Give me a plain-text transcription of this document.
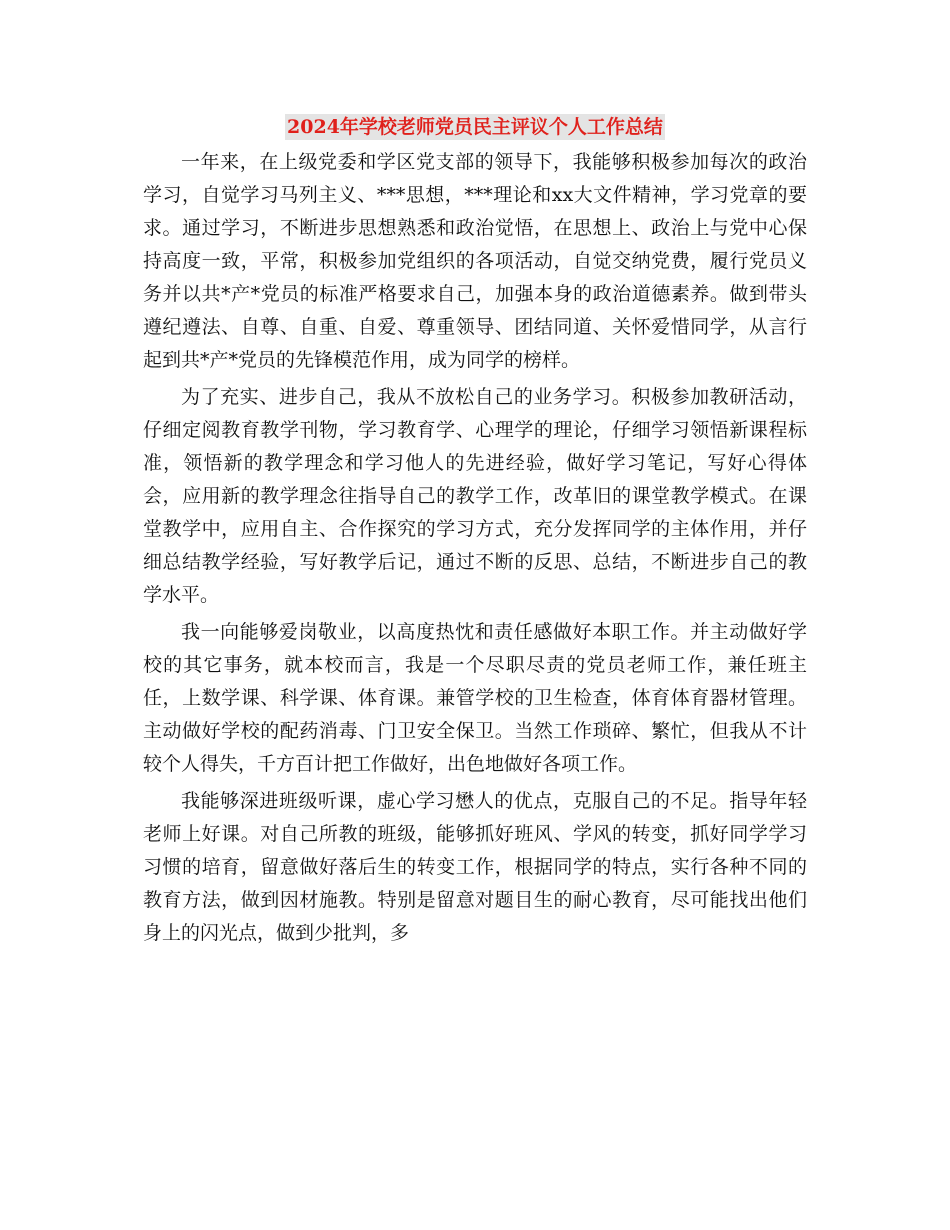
2024年学校老师党员民主评议个人工作总结

一年来，在上级党委和学区党支部的领导下，我能够积极参加每次的政治学习，自觉学习马列主义、***思想，***理论和xx大文件精神，学习党章的要求。通过学习，不断进步思想熟悉和政治觉悟，在思想上、政治上与党中心保持高度一致，平常，积极参加党组织的各项活动，自觉交纳党费，履行党员义务并以共*产*党员的标准严格要求自己，加强本身的政治道德素养。做到带头遵纪遵法、自尊、自重、自爱、尊重领导、团结同道、关怀爱惜同学，从言行起到共*产*党员的先锋模范作用，成为同学的榜样。

为了充实、进步自己，我从不放松自己的业务学习。积极参加教研活动，仔细定阅教育教学刊物，学习教育学、心理学的理论，仔细学习领悟新课程标准，领悟新的教学理念和学习他人的先进经验，做好学习笔记，写好心得体会，应用新的教学理念往指导自己的教学工作，改革旧的课堂教学模式。在课堂教学中，应用自主、合作探究的学习方式，充分发挥同学的主体作用，并仔细总结教学经验，写好教学后记，通过不断的反思、总结，不断进步自己的教学水平。

我一向能够爱岗敬业，以高度热忱和责任感做好本职工作。并主动做好学校的其它事务，就本校而言，我是一个尽职尽责的党员老师工作，兼任班主任，上数学课、科学课、体育课。兼管学校的卫生检查，体育体育器材管理。主动做好学校的配药消毒、门卫安全保卫。当然工作琐碎、繁忙，但我从不计较个人得失，千方百计把工作做好，出色地做好各项工作。

我能够深进班级听课，虚心学习懋人的优点，克服自己的不足。指导年轻老师上好课。对自己所教的班级，能够抓好班风、学风的转变，抓好同学学习习惯的培育，留意做好落后生的转变工作，根据同学的特点，实行各种不同的教育方法，做到因材施教。特别是留意对题目生的耐心教育，尽可能找出他们身上的闪光点，做到少批判，多
